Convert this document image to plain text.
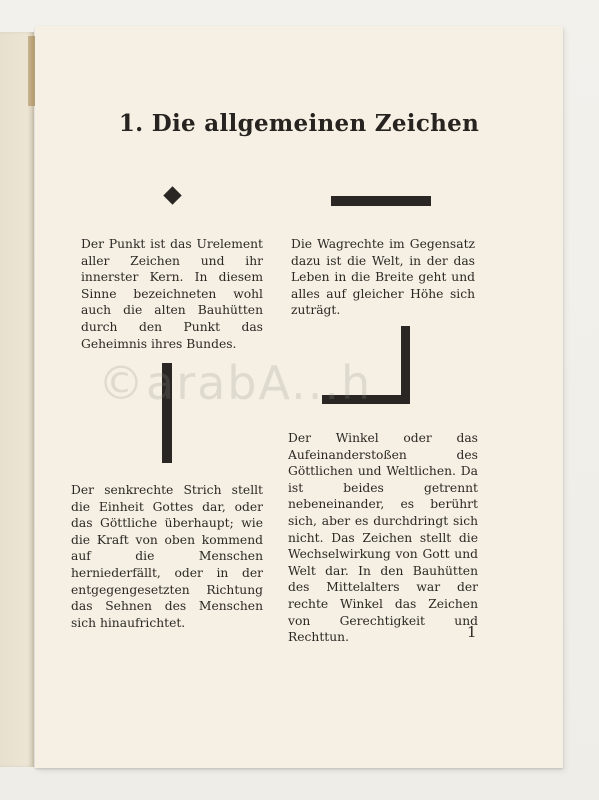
1. Die allgemeinen Zeichen
Der Punkt ist das Urelement aller Zeichen und ihr innerster Kern. In diesem Sinne bezeichneten wohl auch die alten Bauhütten durch den Punkt das Geheimnis ihres Bundes.
Die Wagrechte im Gegensatz dazu ist die Welt, in der das Leben in die Breite geht und alles auf gleicher Höhe sich zuträgt.
Der Winkel oder das Aufeinanderstoßen des Göttlichen und Weltlichen. Da ist beides getrennt nebeneinander, es berührt sich, aber es durchdringt sich nicht. Das Zeichen stellt die Wechselwirkung von Gott und Welt dar. In den Bauhütten des Mittelalters war der rechte Winkel das Zeichen von Gerechtigkeit und Rechttun.
Der senkrechte Strich stellt die Einheit Gottes dar, oder das Göttliche überhaupt; wie die Kraft von oben kommend auf die Menschen herniederfällt, oder in der entgegengesetzten Richtung das Sehnen des Menschen sich hinaufrichtet.
1
©arabA...h
